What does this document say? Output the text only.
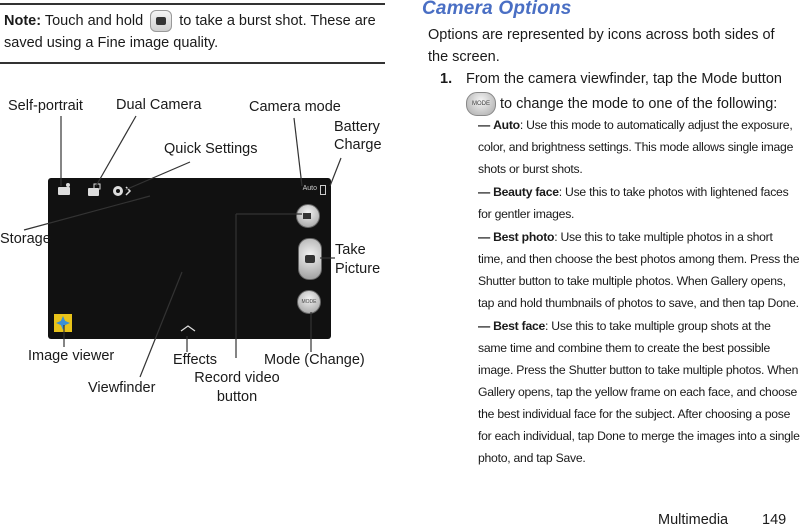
Note: Touch and hold to take a burst shot. These are saved using a Fine image quality.
Auto
MODE
Self-portrait Dual Camera	Camera mode
Battery
Charge
Quick Settings
Storage
Take
Picture
Image viewer	Effects	Mode (Change)
Viewfinder
Record video
button
Camera Options
Options are represented by icons across both sides of the screen.
1. From the camera viewfinder, tap the Mode button
MODE to change the mode to one of the following:
— Auto: Use this mode to automatically adjust the exposure, color, and brightness settings. This mode allows single image shots or burst shots.
— Beauty face: Use this to take photos with lightened faces for gentler images.
— Best photo: Use this to take multiple photos in a short time, and then choose the best photos among them. Press the Shutter button to take multiple photos. When Gallery opens, tap and hold thumbnails of photos to save, and then tap Done.
— Best face: Use this to take multiple group shots at the same time and combine them to create the best possible image. Press the Shutter button to take multiple photos. When Gallery opens, tap the yellow frame on each face, and choose the best individual face for the subject. After choosing a pose for each individual, tap Done to merge the images into a single photo, and tap Save.
Multimedia 149
